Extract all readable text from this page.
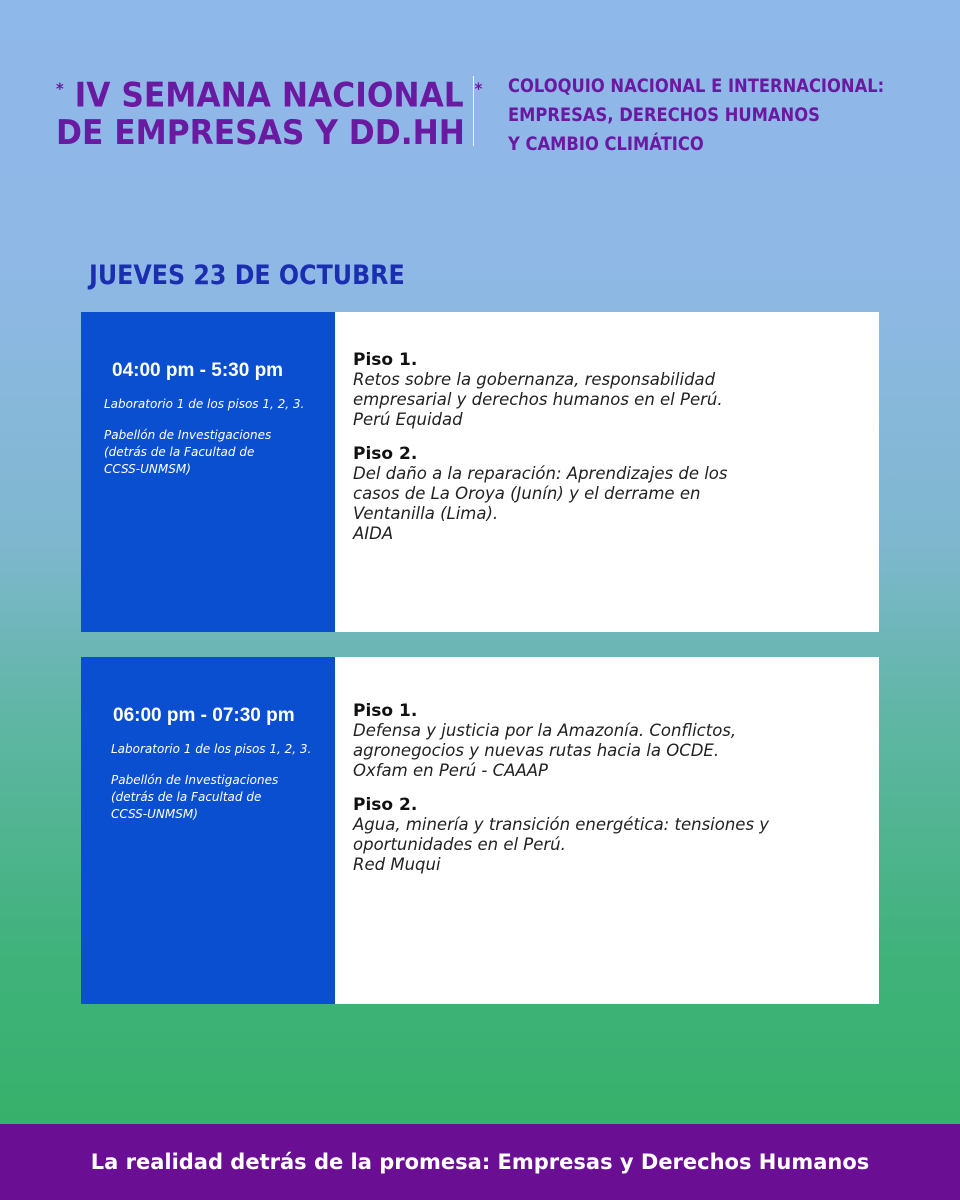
* IV SEMANA NACIONAL *
DE EMPRESAS Y DD.HH
COLOQUIO NACIONAL E INTERNACIONAL:
EMPRESAS, DERECHOS HUMANOS
Y CAMBIO CLIMÁTICO
JUEVES 23 DE OCTUBRE
04:00 pm - 5:30 pm
Laboratorio 1 de los pisos 1, 2, 3.
Pabellón de Investigaciones
(detrás de la Facultad de
CCSS-UNMSM)
Piso 1.
Retos sobre la gobernanza, responsabilidad
empresarial y derechos humanos en el Perú.
Perú Equidad
Piso 2.
Del daño a la reparación: Aprendizajes de los
casos de La Oroya (Junín) y el derrame en
Ventanilla (Lima).
AIDA
06:00 pm - 07:30 pm
Laboratorio 1 de los pisos 1, 2, 3.
Pabellón de Investigaciones
(detrás de la Facultad de
CCSS-UNMSM)
Piso 1.
Defensa y justicia por la Amazonía. Conflictos,
agronegocios y nuevas rutas hacia la OCDE.
Oxfam en Perú - CAAAP
Piso 2.
Agua, minería y transición energética: tensiones y
oportunidades en el Perú.
Red Muqui
La realidad detrás de la promesa: Empresas y Derechos Humanos
